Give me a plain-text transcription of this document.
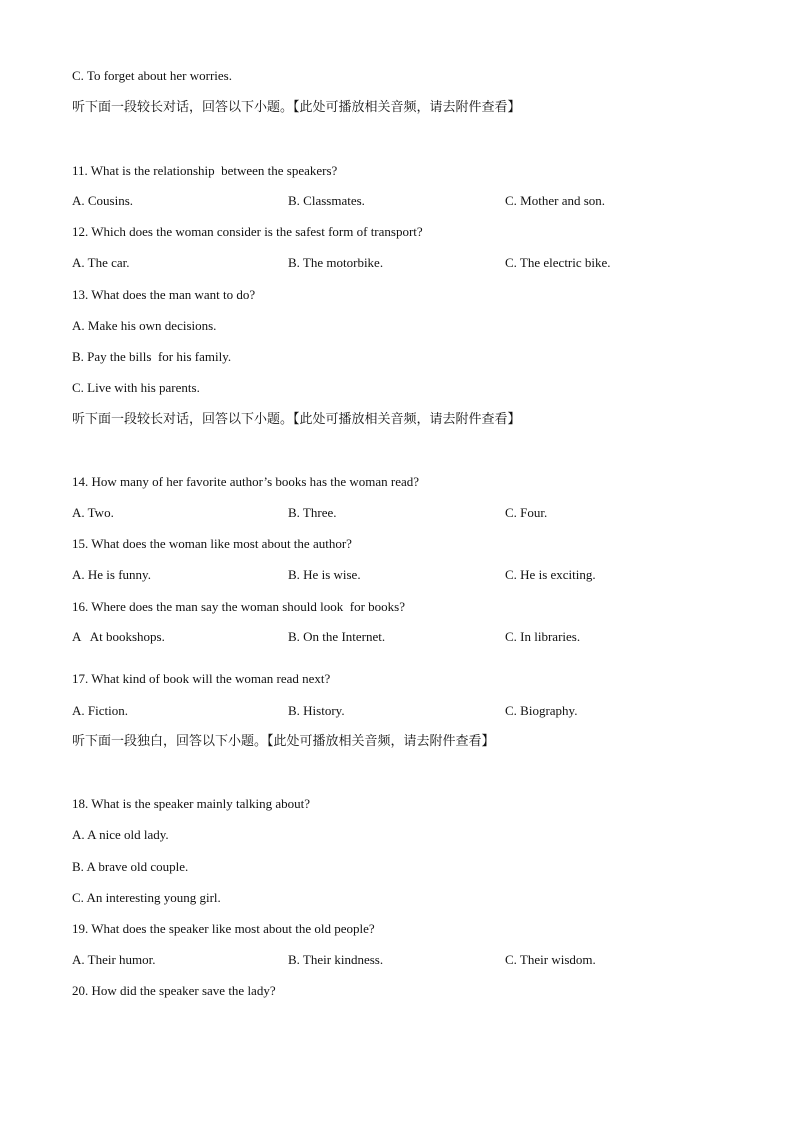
C. To forget about her worries.
听下面一段较长对话，回答以下小题。【此处可播放相关音频，请去附件查看】
11. What is the relationship  between the speakers?
A. Cousins.	B. Classmates.	C. Mother and son.
12. Which does the woman consider is the safest form of transport?
A. The car.	B. The motorbike.	C. The electric bike.
13. What does the man want to do?
A. Make his own decisions.
B. Pay the bills  for his family.
C. Live with his parents.
听下面一段较长对话，回答以下小题。【此处可播放相关音频，请去附件查看】
14. How many of her favorite author’s books has the woman read?
A. Two.	B. Three.	C. Four.
15. What does the woman like most about the author?
A. He is funny.	B. He is wise.	C. He is exciting.
16. Where does the man say the woman should look  for books?
A   At bookshops.	B. On the Internet.	C. In libraries.
17. What kind of book will the woman read next?
A. Fiction.	B. History.	C. Biography.
听下面一段独白，回答以下小题。【此处可播放相关音频，请去附件查看】
18. What is the speaker mainly talking about?
A. A nice old lady.
B. A brave old couple.
C. An interesting young girl.
19. What does the speaker like most about the old people?
A. Their humor.	B. Their kindness.	C. Their wisdom.
20. How did the speaker save the lady?
